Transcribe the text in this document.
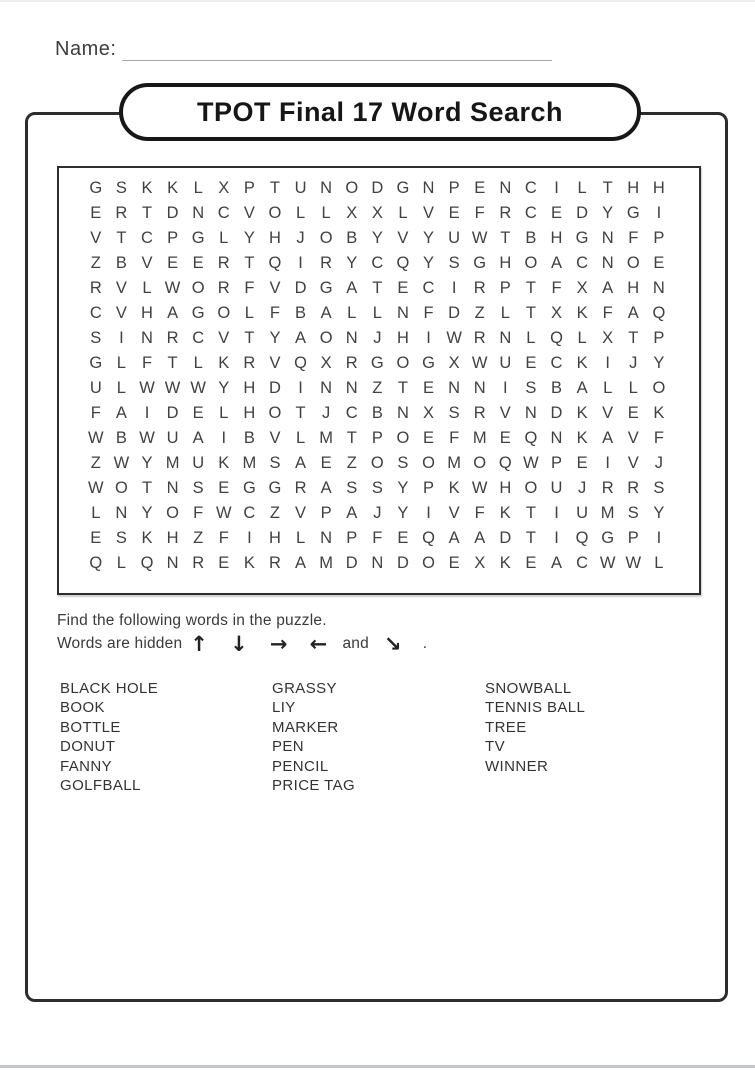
Name:
TPOT Final 17 Word Search
G S K K L X P T U N O D G N P E N C	I	L T H H
E R T D N C V O L L X X L V E F R C E D Y G	I
V T C P G L Y H J O B Y V Y U W T B H G N F P
Z B V E E R T Q	I	R Y C Q Y S G H O A C N O E
R V L W O R F V D G A T E C	I	R P T F X A H N
C V H A G O L F B A L L N F D Z L T X K F A Q
S	I	N R C V T Y A O N J H	I W R N L Q L X T P
G L F T L K R V Q X R G O G X W U E C K	I	J Y
U L W W W Y H D	I	N N Z T E N N	I	S B A L L O
F A	I	D E L H O T J C B N X S R V N D K V E K
W B W U A	I	B V L M T P O E F M E Q N K A V F
Z W Y M U K M S A E Z O S O M O Q W P E	I	V J
W O T N S E G G R A S S Y P K W H O U J R R S
L N Y O F W C Z V P A J Y	I	V F K T	I	U M S Y
E S K H Z F	I	H L N P F E Q A A D T	I	Q G P	I
Q L Q N R E K R A M D N D O E X K E A C W W L
Find the following words in the puzzle.
Words are hidden ↑ ↓ → ← and ↘ .
BLACK HOLE
BOOK
BOTTLE
DONUT
FANNY
GOLFBALL
GRASSY
LIY
MARKER
PEN
PENCIL
PRICE TAG
SNOWBALL
TENNIS BALL
TREE
TV
WINNER
